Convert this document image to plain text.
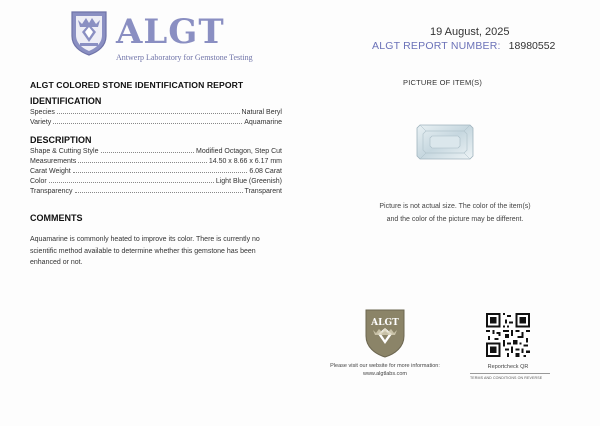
ALGT
Antwerp Laboratory for Gemstone Testing
19 August, 2025
ALGT REPORT NUMBER: 18980552
ALGT COLORED STONE IDENTIFICATION REPORT
IDENTIFICATION
Species	Natural Beryl
Variety	Aquamarine
DESCRIPTION
Shape & Cutting Style	Modified Octagon, Step Cut
Measurements	14.50 x 8.66 x 6.17 mm
Carat Weight	6.08 Carat
Color	Light Blue (Greenish)
Transparency	Transparent
COMMENTS
Aquamarine is commonly heated to improve its color. There is currently no scientific method available to determine whether this gemstone has been enhanced or not.
PICTURE OF ITEM(S)
Picture is not actual size. The color of the item(s)
and the color of the picture may be different.
ALGT
Please visit our website for more information:
www.algtlabs.com
Reportcheck QR
TERMS AND CONDITIONS ON REVERSE
